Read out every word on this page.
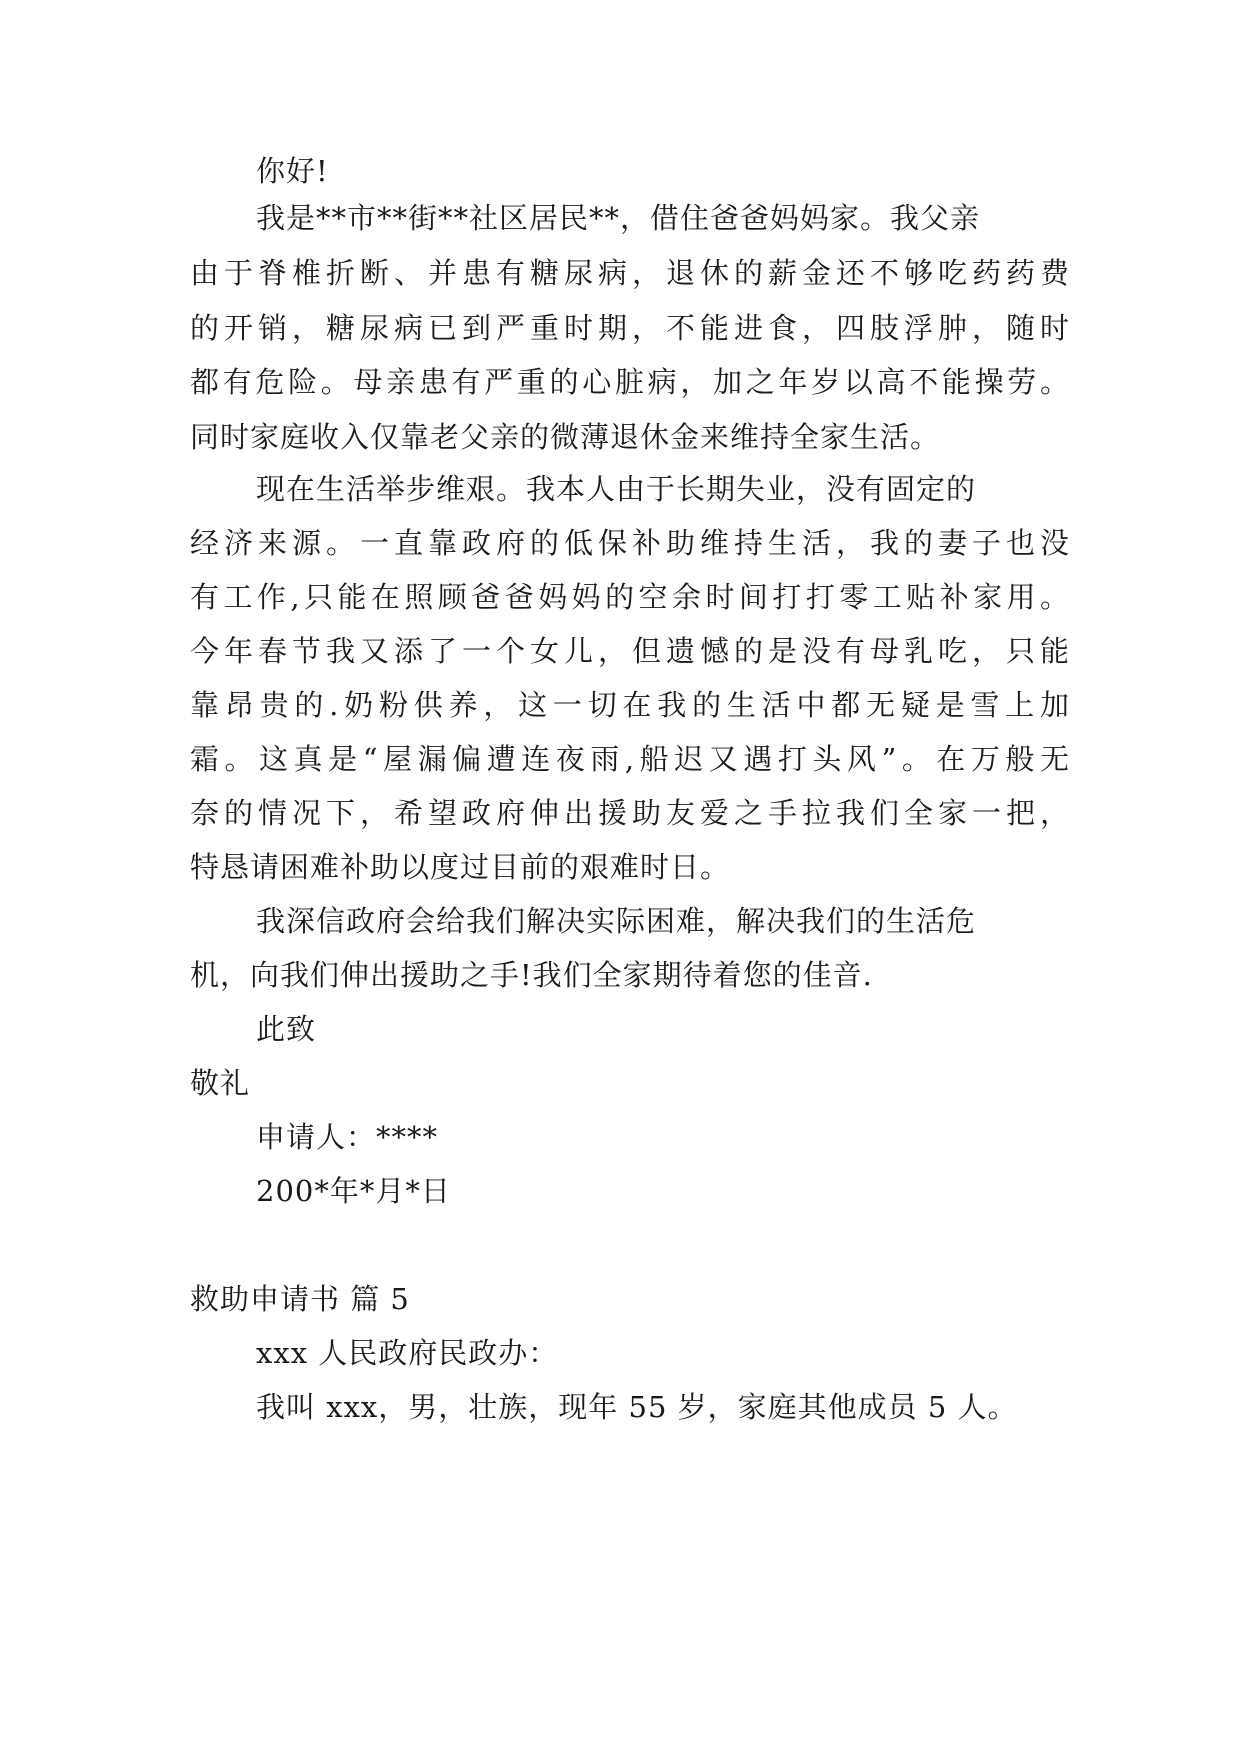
你好!
我是**市**街**社区居民**，借住爸爸妈妈家。我父亲
由于脊椎折断、并患有糖尿病，退休的薪金还不够吃药药费
的开销，糖尿病已到严重时期，不能进食，四肢浮肿，随时
都有危险。母亲患有严重的心脏病，加之年岁以高不能操劳。
同时家庭收入仅靠老父亲的微薄退休金来维持全家生活。
现在生活举步维艰。我本人由于长期失业，没有固定的
经济来源。一直靠政府的低保补助维持生活，我的妻子也没
有工作,只能在照顾爸爸妈妈的空余时间打打零工贴补家用。
今年春节我又添了一个女儿，但遗憾的是没有母乳吃，只能
靠昂贵的.奶粉供养，这一切在我的生活中都无疑是雪上加
霜。这真是“屋漏偏遭连夜雨,船迟又遇打头风”。在万般无
奈的情况下，希望政府伸出援助友爱之手拉我们全家一把，
特恳请困难补助以度过目前的艰难时日。
我深信政府会给我们解决实际困难，解决我们的生活危
机，向我们伸出援助之手!我们全家期待着您的佳音.
此致
敬礼
申请人：****
200*年*月*日
救助申请书 篇 5
xxx 人民政府民政办：
我叫 xxx，男，壮族，现年 55 岁，家庭其他成员 5 人。
